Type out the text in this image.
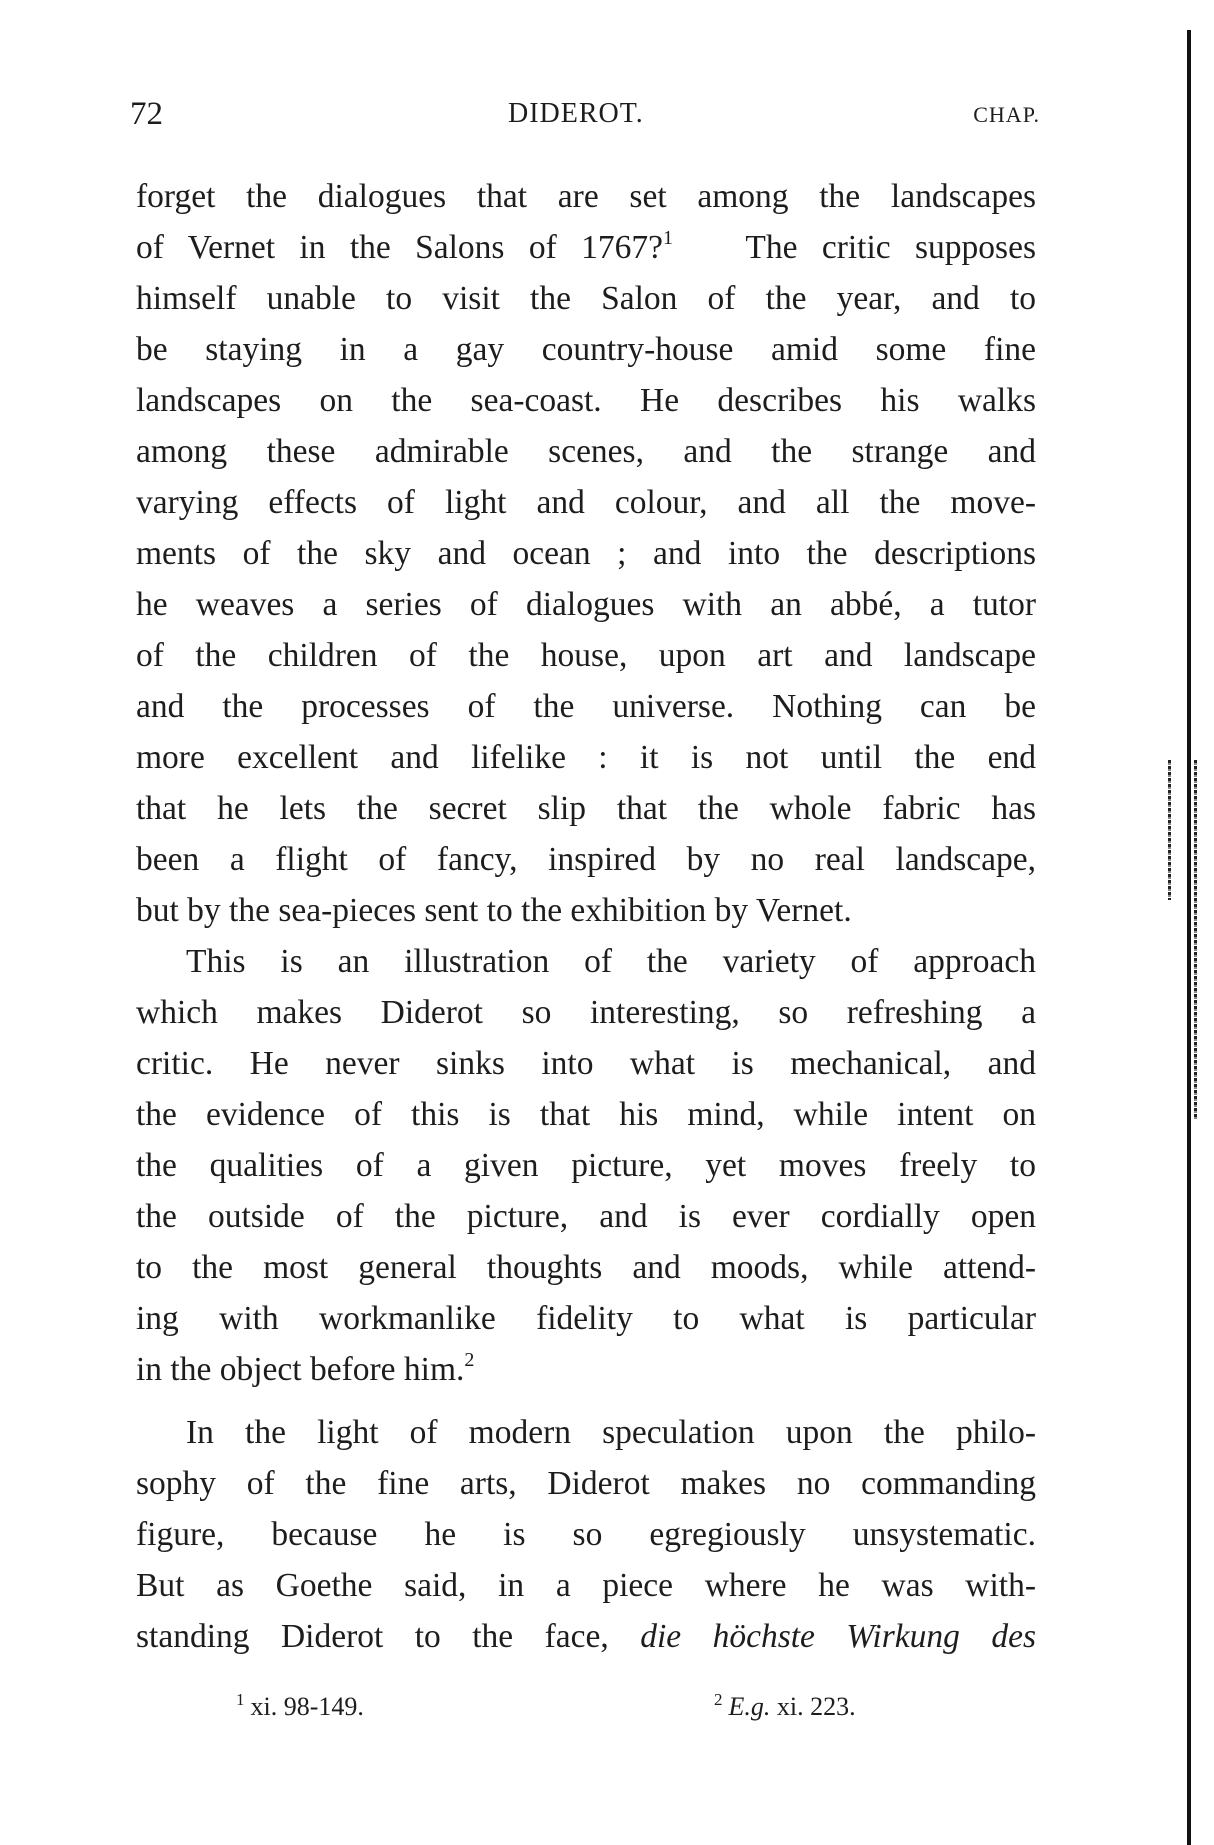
72	DIDEROT.	CHAP.
forget the dialogues that are set among the landscapes
of Vernet in the Salons of 1767?$^1$ The critic supposes
himself unable to visit the Salon of the year, and to
be staying in a gay country-house amid some fine
landscapes on the sea-coast. He describes his walks
among these admirable scenes, and the strange and
varying effects of light and colour, and all the move-
ments of the sky and ocean ; and into the descriptions
he weaves a series of dialogues with an abbé, a tutor
of the children of the house, upon art and landscape
and the processes of the universe. Nothing can be
more excellent and lifelike : it is not until the end
that he lets the secret slip that the whole fabric has
been a flight of fancy, inspired by no real landscape,
but by the sea-pieces sent to the exhibition by Vernet.
This is an illustration of the variety of approach
which makes Diderot so interesting, so refreshing a
critic. He never sinks into what is mechanical, and
the evidence of this is that his mind, while intent on
the qualities of a given picture, yet moves freely to
the outside of the picture, and is ever cordially open
to the most general thoughts and moods, while attend-
ing with workmanlike fidelity to what is particular
in the object before him.$^2$
In the light of modern speculation upon the philo-
sophy of the fine arts, Diderot makes no commanding
figure, because he is so egregiously unsystematic.
But as Goethe said, in a piece where he was with-
standing Diderot to the face, die höchste Wirkung des
$^1$ xi. 98-149.	$^2$ E.g. xi. 223.
